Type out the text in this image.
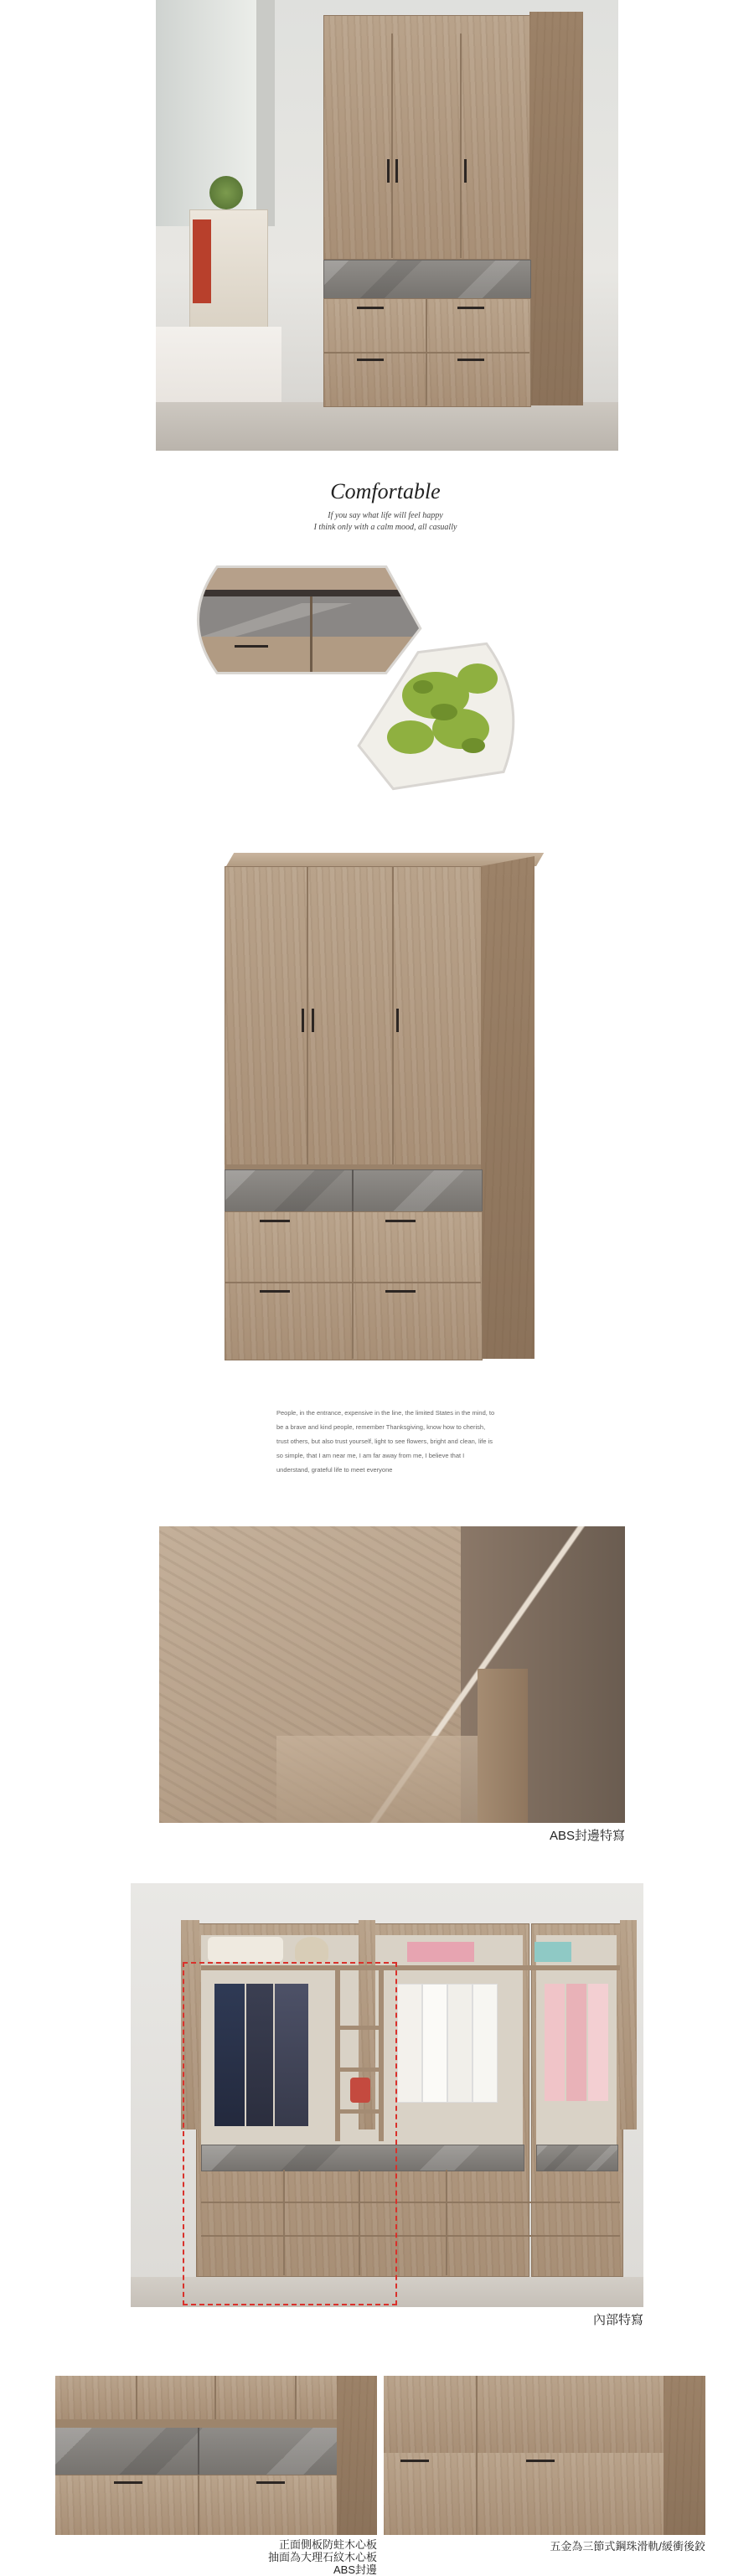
Comfortable
If you say what life will feel happy
I think only with a calm mood, all casually
People, in the entrance, expensive in the line, the limited States in the mind, to be a brave and kind people, remember Thanksgiving, know how to cherish, trust others, but also trust yourself, light to see flowers, bright and clean, life is so simple, that I am near me, I am far away from me, I believe that I understand, grateful life to meet everyone
ABS封邊特寫
內部特寫
正面側板防蛀木心板
抽面為大理石紋木心板
ABS封邊
五金為三節式鋼珠滑軌/緩衝後鉸
